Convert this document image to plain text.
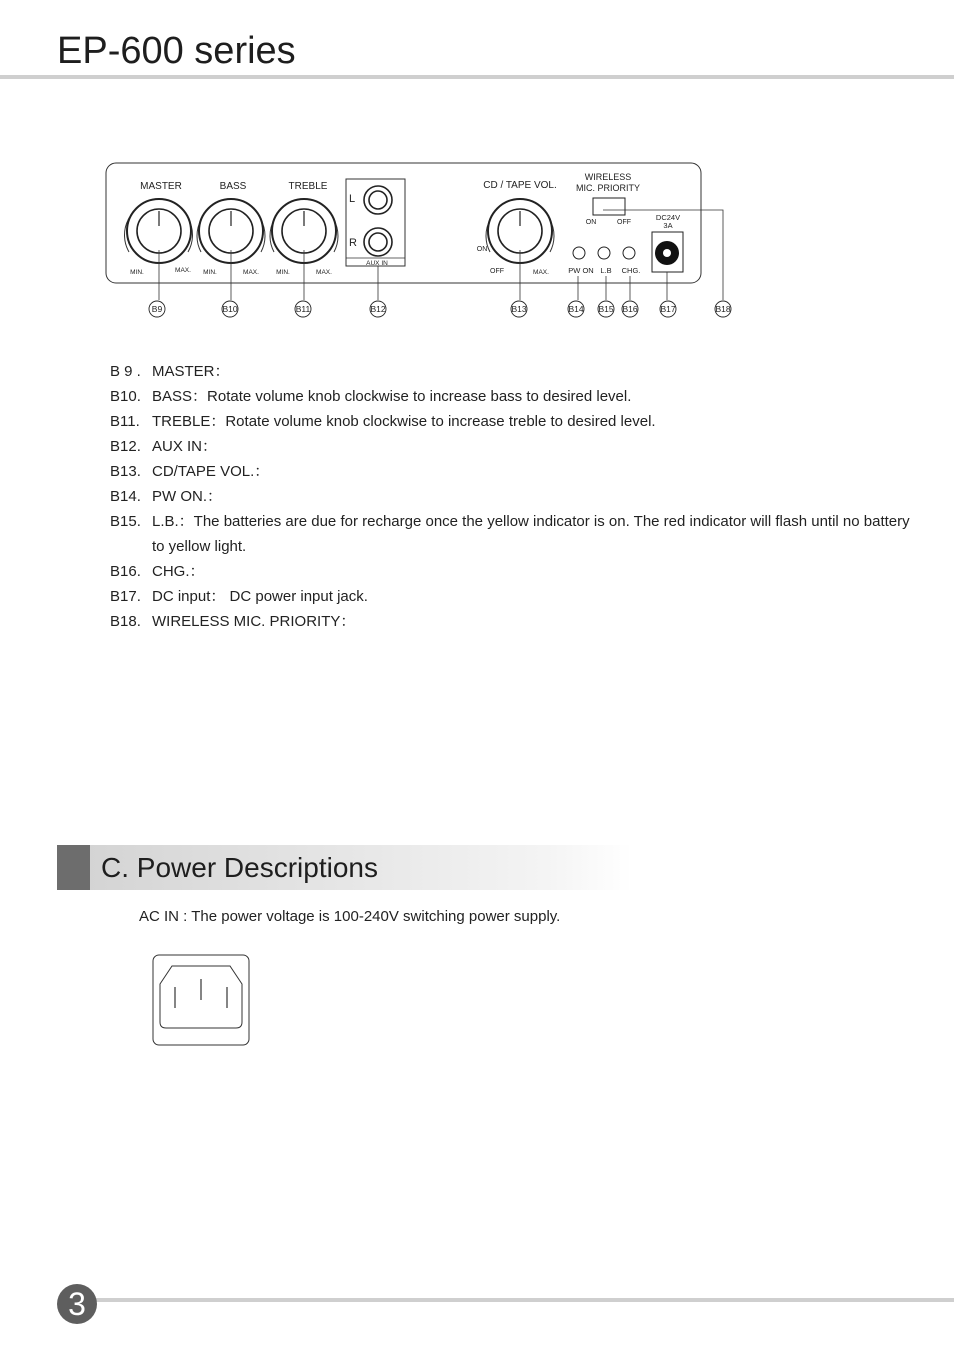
EP-600 series
MASTER	BASS	TREBLE	CD / TAPE VOL.
MIN.	MAX. MIN.	MAX.	MIN.	MAX.
L
R
AUX IN
ON
OFF	MAX.
WIRELESS
MIC. PRIORITY
ON	OFF
DC24V
3A
PW ON L.B CHG.
B9	B10	B11	B12	B13	B14 B15 B16	B17	B18
B 9 . MASTER：
B10. BASS：Rotate volume knob clockwise to increase bass to desired level.
B11. TREBLE：Rotate volume knob clockwise to increase treble to desired level.
B12. AUX IN：
B13. CD/TAPE VOL.：
B14. PW ON.：
B15. L.B.：The batteries are due for recharge once the yellow indicator is on. The red indicator will flash until no battery to yellow light.
B16. CHG.：
B17. DC input： DC power input jack.
B18. WIRELESS MIC. PRIORITY：
C. Power Descriptions
AC IN : The power voltage is 100-240V switching power supply.
3
